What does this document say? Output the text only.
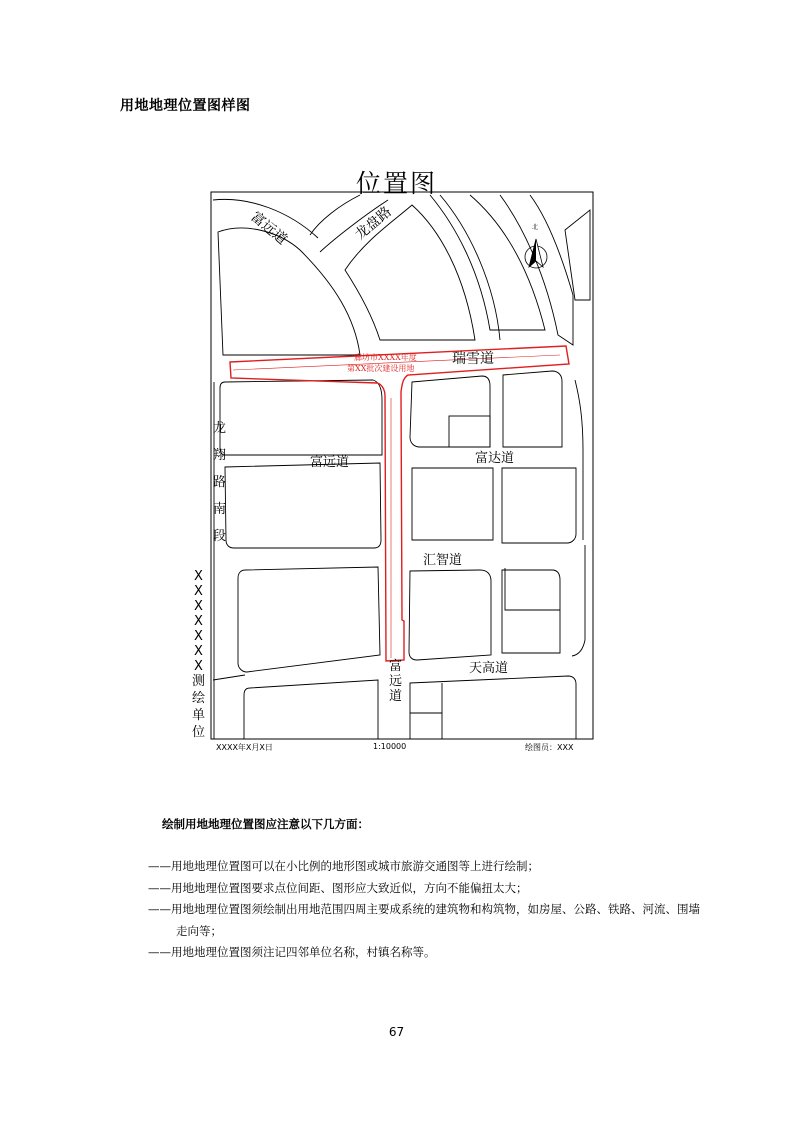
用地地理位置图样图
位置图
富远道	龙盘路
瑞雪道
富远道	富达道
汇智道
天高道
北
廊坊市XXXX年度
第XX批次建设用地
龙
翔
路
南
段
富
远
道
X
X
X
X
X
X
X
测
绘
单
位
XXXX年X月X日	1:10000	绘图员：XXX
绘制用地地理位置图应注意以下几方面：
——用地地理位置图可以在小比例的地形图或城市旅游交通图等上进行绘制；
——用地地理位置图要求点位间距、图形应大致近似，方向不能偏扭太大；
——用地地理位置图须绘制出用地范围四周主要成系统的建筑物和构筑物，如房屋、公路、铁路、河流、围墙走向等；
——用地地理位置图须注记四邻单位名称，村镇名称等。
67
